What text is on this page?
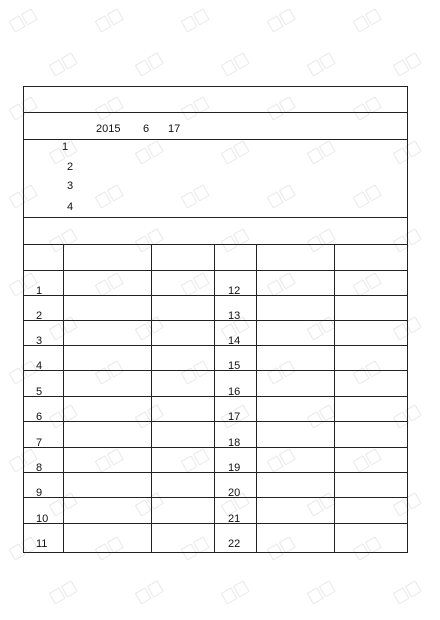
2015 6 17
1
2
3
4
1	12
2	13
3	14
4	15
5	16
6	17
7	18
8	19
9	20
10	21
11	22
